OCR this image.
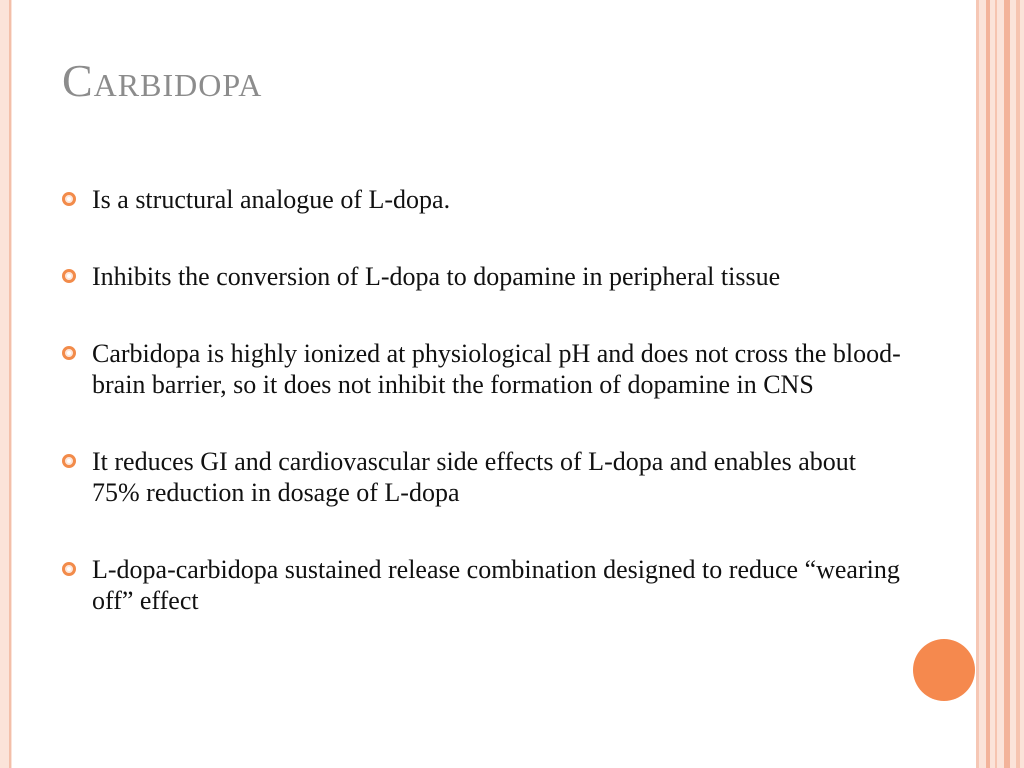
Carbidopa
Is a structural analogue of L-dopa.
Inhibits the conversion of L-dopa to dopamine in peripheral tissue
Carbidopa is highly ionized at physiological pH and does not cross the blood-brain barrier, so it does not inhibit the formation of dopamine in CNS
It reduces GI and cardiovascular side effects of L-dopa and enables about 75% reduction in dosage of L-dopa
L-dopa-carbidopa sustained release combination designed to reduce “wearing off” effect
